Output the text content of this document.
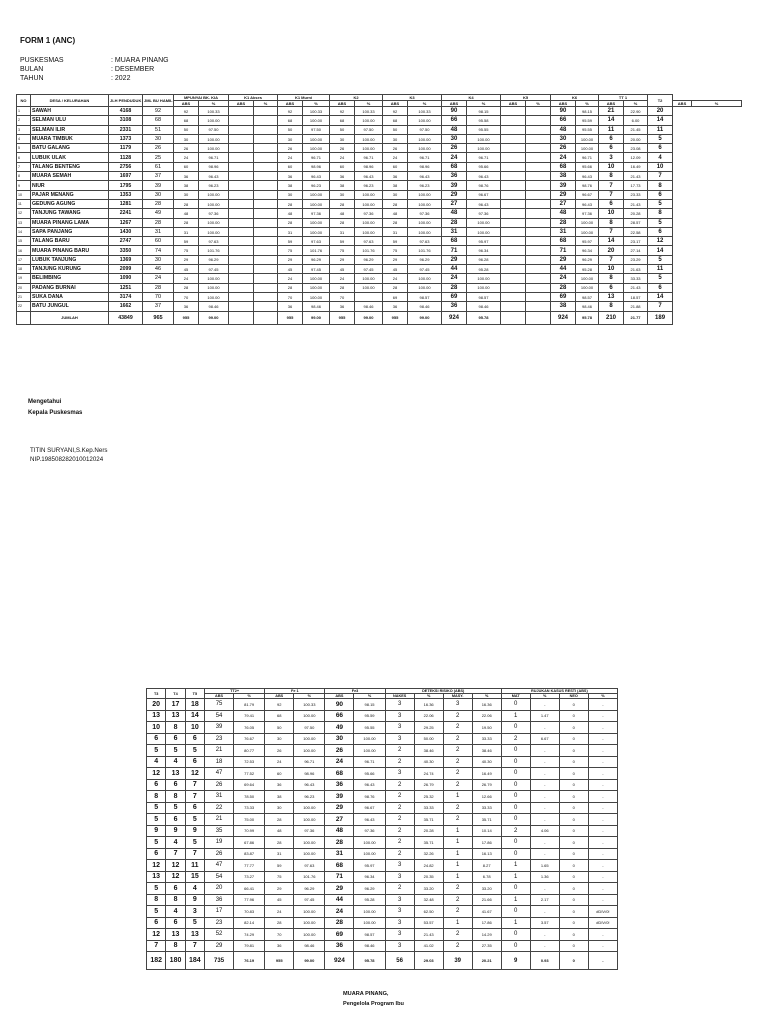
FORM 1 (ANC)
PUSKESMAS	: MUARA PINANG
BULAN	: DESEMBER
TAHUN	: 2022
NO	DESA / KELURAHAN	JLH PENDUDUK	JML BU HAMIL	MPUNYAI BK. KIA		K1 Akses		K1 Murni		K2		K3		K4		K5		K6		TT 1		T2		
				ABS	%	ABS	%	ABS	%	ABS	%	ABS	%	ABS	%	ABS	%	ABS	%	ABS	%		ABS	%
1	SAWAH	4168	92	92	100.33			92	100.33	92	100.33	92	100.33	90	98.15			90	98.15	21	22.90	20		
2	SELMAN ULU	3108	68	68	100.00			68	100.00	68	100.00	68	100.00	66	95.58			66	95.59	14	6.00	14		
3	SELMAN ILIR	2331	51	50	97.50			50	97.50	50	97.50	50	97.50	48	95.55			48	95.55	11	21.45	11		
4	MUARA TIMBUK	1373	30	30	100.00			30	100.00	30	100.00	30	100.00	30	100.00			30	100.00	6	20.00	5		
5	BATU GALANG	1179	26	26	100.00			26	100.00	26	100.00	26	100.00	26	100.00			26	100.00	6	23.08	6		
6	LUBUK ULAK	1128	25	24	96.71			24	96.71	24	96.71	24	96.71	24	96.71			24	96.71	3	12.09	4		
7	TALANG BENTENG	2756	61	60	98.96			60	98.96	60	98.96	60	98.96	68	95.66			68	95.66	10	16.49	10		
8	MUARA SEMAH	1697	37	36	96.43			36	96.43	36	96.43	36	96.43	36	96.43			38	96.43	8	21.43	7		
9	NIUR	1795	39	38	96.23			38	96.23	38	96.23	38	96.23	39	98.76			39	98.76	7	17.73	8		
10	PAJAR MENANG	1353	30	30	100.00			30	100.00	30	100.00	30	100.00	29	96.67			29	96.67	7	23.33	6		
11	GEDUNG AGUNG	1281	28	28	100.00			28	100.00	28	100.00	28	100.00	27	96.43			27	96.43	6	21.43	5		
12	TANJUNG TAWANG	2241	49	48	97.36			48	97.36	48	97.36	48	97.36	48	97.36			48	97.36	10	20.28	8		
13	MUARA PINANG LAMA	1267	28	28	100.00			28	100.00	28	100.00	28	100.00	28	100.00			28	100.00	8	28.57	5		
14	SAPA PANJANG	1430	31	31	100.00			31	100.00	31	100.00	31	100.00	31	100.00			31	100.00	7	22.58	6		
15	TALANG BARU	2747	60	59	97.63			59	97.63	59	97.63	59	97.63	68	95.97			68	95.97	14	23.17	12		
16	MUARA PINANG BARU	3350	74	75	101.76			75	101.76	75	101.76	75	101.76	71	96.34			71	96.34	20	27.14	14		
17	LUBUK TANJUNG	1369	30	29	96.29			29	96.29	29	96.29	29	96.29	29	96.28			29	96.29	7	23.29	5		
18	TANJUNG KURUNG	2099	46	45	97.45			45	97.45	45	97.45	45	97.45	44	95.28			44	95.28	10	21.63	11		
19	BELIMBING	1090	24	24	100.00			24	100.00	24	100.00	24	100.00	24	100.00			24	100.00	8	33.33	5		
20	PADANG BURNAI	1251	28	28	100.00			28	100.00	28	100.00	28	100.00	28	100.00			28	100.00	6	21.43	6		
21	SUKA DANA	3174	70	70	100.00			70	100.00	70		69	98.57	69	98.57			69	98.57	13	18.57	14		
22	BATU JUNGUL	1662	37	36	98.46			36	98.46	36	98.46	36	98.46	36	98.46			38	98.46	8	21.88	7		
	JUMLAH	43849	965	955	99.00			955	99.00	955	99.00	955	99.00	924	95.78			924	95.78	210	21.77	189		
Mengetahui
Kepala Puskesmas
TITIN SURYANI,S.Kep.Ners
NIP.198508282010012024
T3	T4	T5	TT2+		Fe 1		Fe3		DETEKSI RISIKO (ABS)				RUJUKAN KASUS RESTI (ABS)			
			ABS	%	ABS	%	ABS	%	NAKES	%	MASY.	%	MAT	%	NEO	%
20	17	18	75	81.79	92	100.33	90	98.15	3	16.36	3	16.36	0	-	0	-
13	13	14	54	79.41	68	100.00	66	95.59	3	22.06	2	22.06	1	1.47	0	-
10	8	10	39	76.05	50	97.50	49	95.55	3	29.25	2	19.50	0	-	0	-
6	6	6	23	76.67	30	100.00	30	100.00	3	50.00	2	33.33	2	6.67	0	-
5	5	5	21	80.77	26	100.00	26	100.00	2	38.46	2	38.46	0	-	0	-
4	4	6	18	72.53	24	96.71	24	96.71	2	40.30	2	40.30	0	-	0	-
12	13	12	47	77.52	60	98.96	68	95.66	3	24.74	2	16.49	0	-	0	-
6	6	7	26	69.64	36	96.43	36	96.43	2	26.79	2	26.79	0	-	0	-
8	8	7	31	78.50	38	96.23	39	98.76	2	25.32	1	12.66	0	-	0	-
5	5	6	22	73.33	30	100.00	29	96.67	2	33.33	2	33.33	0	-	0	-
5	6	5	21	75.00	28	100.00	27	96.43	2	35.71	2	35.71	0	-	0	-
9	9	9	35	70.99	48	97.36	48	97.36	2	20.28	1	10.14	2	4.06	0	-
5	4	5	19	67.86	28	100.00	28	100.00	2	35.71	1	17.86	0	-	0	-
6	7	7	26	83.87	31	100.00	31	100.00	2	32.26	1	16.13	0	-	0	-
12	12	11	47	77.77	59	97.63	68	95.97	3	24.82	1	8.27	1	1.65	0	-
13	12	15	54	73.27	75	101.76	71	96.34	3	20.35	1	6.78	1	1.36	0	-
5	6	4	20	66.41	29	96.29	29	96.29	2	33.20	2	33.20	0	-	0	-
8	8	9	36	77.96	45	97.45	44	95.28	3	32.48	2	21.66	1	2.17	0	-
5	4	3	17	70.83	24	100.00	24	100.00	3	62.50	2	41.67	0	-	0	#DIV/0!
6	6	5	23	82.14	28	100.00	28	100.00	3	53.57	1	17.86	1	3.57	0	#DIV/0!
12	13	13	52	74.29	70	100.00	69	98.57	3	21.43	2	14.29	0	-	0	-
7	8	7	29	79.81	36	98.46	36	98.46	3	41.02	2	27.35	0	-	0	-
182	180	184	735	76.19	955	99.00	924	95.78	56	29.03	39	20.21	9	0.93	0	-
MUARA PINANG,
Pengelola Program Ibu
